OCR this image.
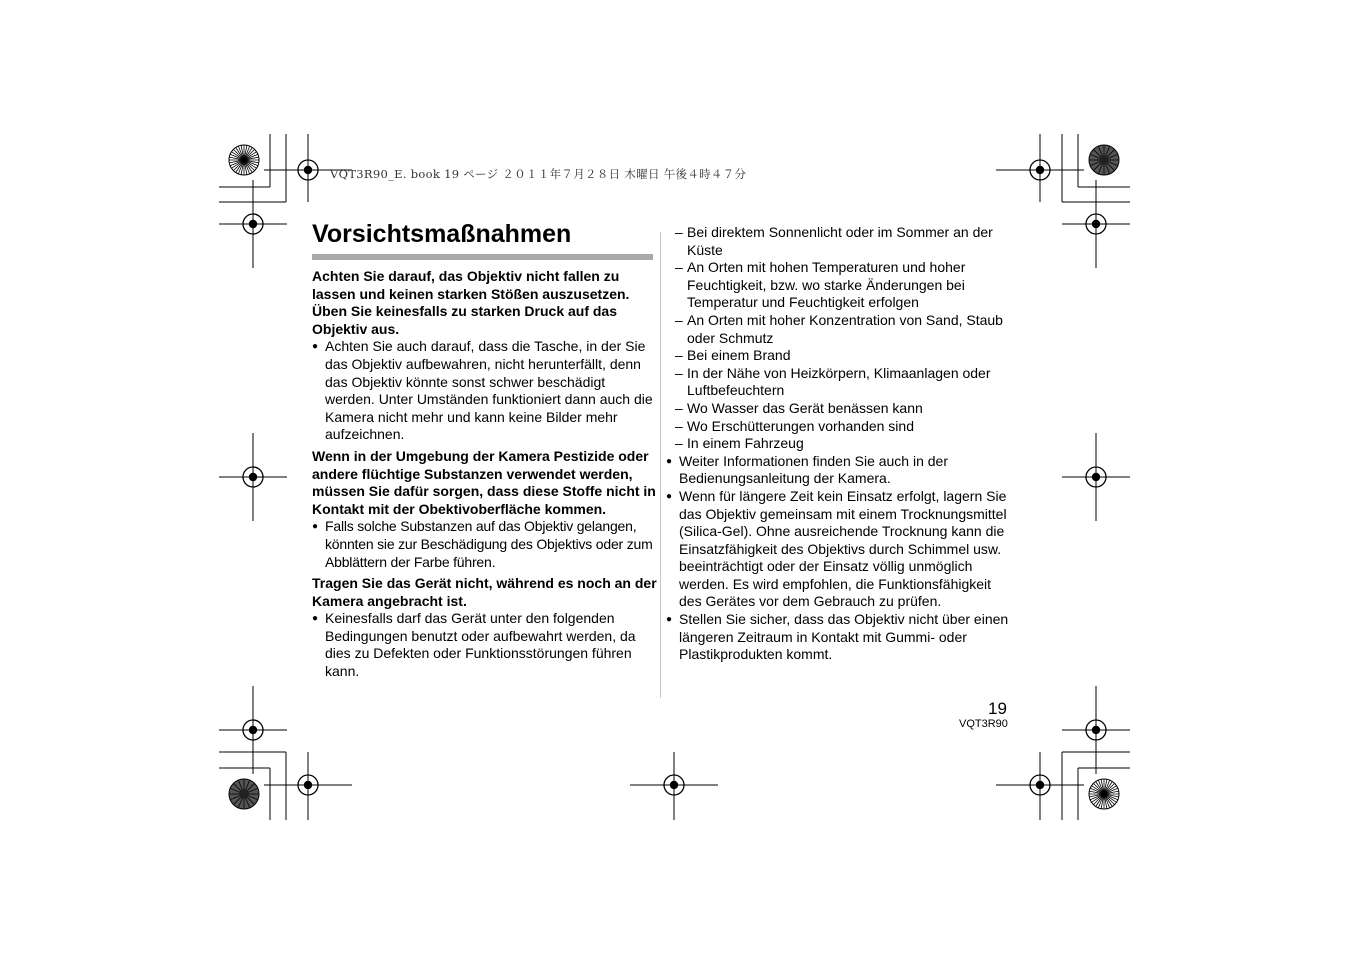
VQT3R90_E. book 19 ページ ２０１１年７月２８日 木曜日 午後４時４７分
Vorsichtsmaßnahmen

Achten Sie darauf, das Objektiv nicht fallen zu lassen und keinen starken Stößen auszusetzen. Üben Sie keinesfalls zu starken Druck auf das Objektiv aus.

● Achten Sie auch darauf, dass die Tasche, in der Sie das Objektiv aufbewahren, nicht herunterfällt, denn das Objektiv könnte sonst schwer beschädigt werden. Unter Umständen funktioniert dann auch die Kamera nicht mehr und kann keine Bilder mehr aufzeichnen.

Wenn in der Umgebung der Kamera Pestizide oder andere flüchtige Substanzen verwendet werden, müssen Sie dafür sorgen, dass diese Stoffe nicht in Kontakt mit der Obektivoberfläche kommen.

● Falls solche Substanzen auf das Objektiv gelangen, könnten sie zur Beschädigung des Objektivs oder zum Abblättern der Farbe führen.

Tragen Sie das Gerät nicht, während es noch an der Kamera angebracht ist.

● Keinesfalls darf das Gerät unter den folgenden Bedingungen benutzt oder aufbewahrt werden, da dies zu Defekten oder Funktionsstörungen führen kann.

– Bei direktem Sonnenlicht oder im Sommer an der Küste

– An Orten mit hohen Temperaturen und hoher Feuchtigkeit, bzw. wo starke Änderungen bei Temperatur und Feuchtigkeit erfolgen

– An Orten mit hoher Konzentration von Sand, Staub oder Schmutz

– Bei einem Brand

– In der Nähe von Heizkörpern, Klimaanlagen oder Luftbefeuchtern

– Wo Wasser das Gerät benässen kann

– Wo Erschütterungen vorhanden sind

– In einem Fahrzeug

● Weiter Informationen finden Sie auch in der Bedienungsanleitung der Kamera.

● Wenn für längere Zeit kein Einsatz erfolgt, lagern Sie das Objektiv gemeinsam mit einem Trocknungsmittel (Silica-Gel). Ohne ausreichende Trocknung kann die Einsatzfähigkeit des Objektivs durch Schimmel usw. beeinträchtigt oder der Einsatz völlig unmöglich werden. Es wird empfohlen, die Funktionsfähigkeit des Gerätes vor dem Gebrauch zu prüfen.

● Stellen Sie sicher, dass das Objektiv nicht über einen längeren Zeitraum in Kontakt mit Gummi- oder Plastikprodukten kommt.

19
VQT3R90
